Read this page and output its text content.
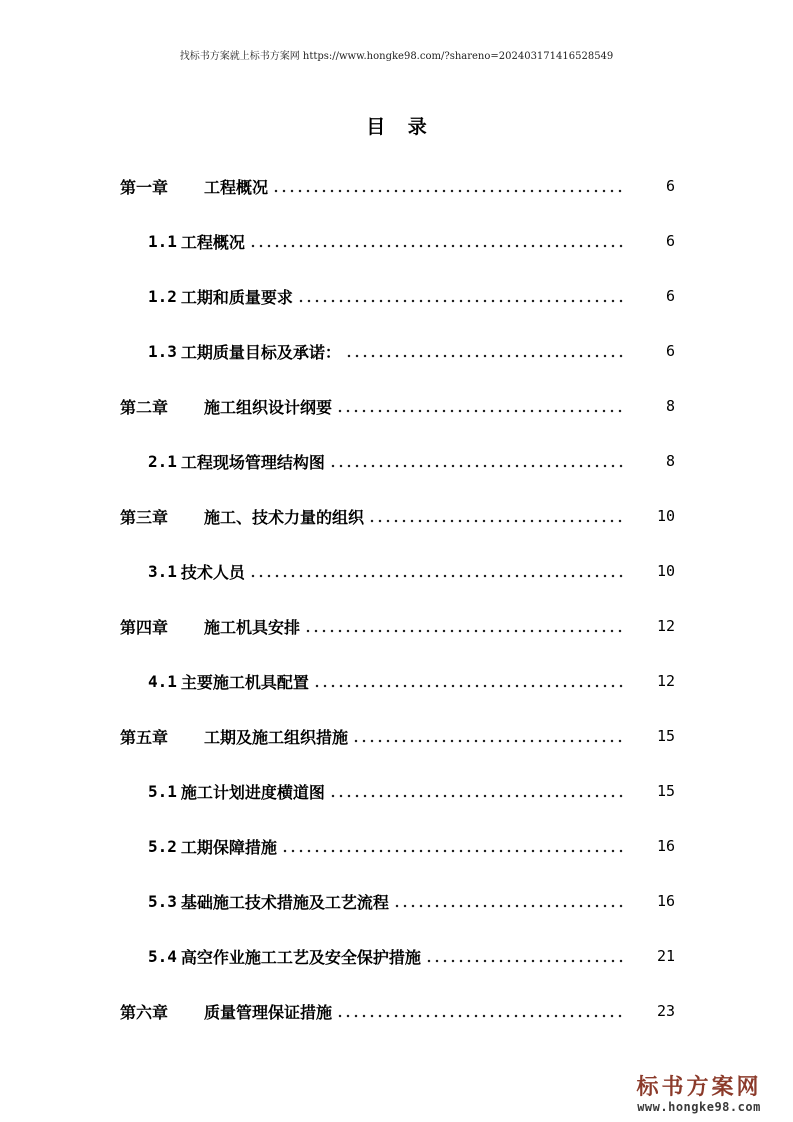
找标书方案就上标书方案网 https://www.hongke98.com/?shareno=20240317141652854​9
目 录
第一章	工程概况	6
1.1 工程概况	6
1.2 工期和质量要求	6
1.3 工期质量目标及承诺：	6
第二章	施工组织设计纲要	8
2.1 工程现场管理结构图	8
第三章	施工、技术力量的组织	10
3.1 技术人员	10
第四章	施工机具安排	12
4.1 主要施工机具配置	12
第五章	工期及施工组织措施	15
5.1 施工计划进度横道图	15
5.2 工期保障措施	16
5.3 基础施工技术措施及工艺流程	16
5.4 高空作业施工工艺及安全保护措施	21
第六章	质量管理保证措施	23
标书方案网
www.hongke98.com
